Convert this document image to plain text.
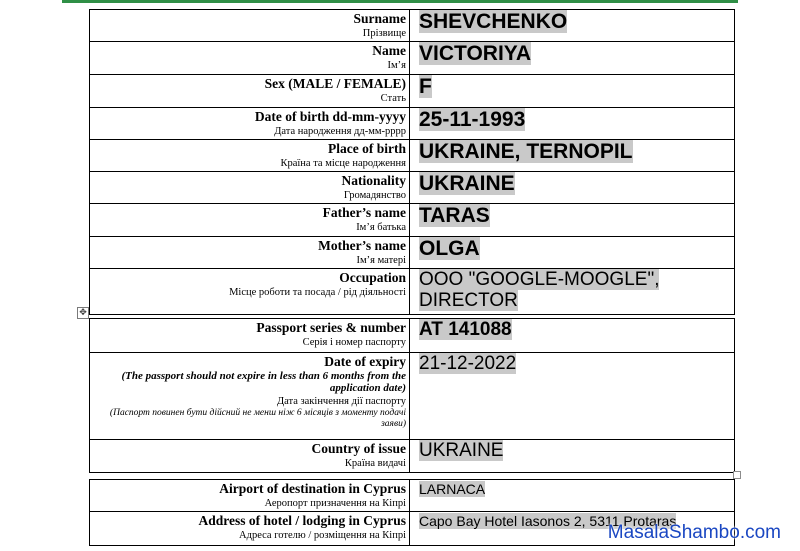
Surname
Прізвище
SHEVCHENKO
Name
Ім’я
VICTORIYA
Sex (MALE / FEMALE)
Стать
F
Date of birth dd-mm-yyyy
Дата народження дд-мм-рррр
25-11-1993
Place of birth
Країна та місце народження
UKRAINE, TERNOPIL
Nationality
Громадянство
UKRAINE
Father’s name
Ім’я батька
TARAS
Mother’s name
Ім’я матері
OLGA
Occupation
Місце роботи та посада / рід діяльності
OOO "GOOGLE-MOOGLE", DIRECTOR
✥
Passport series & number
Серія і номер паспорту
AT 141088
Date of expiry
(The passport should not expire in less than 6 months from the application date)
Дата закінчення дії паспорту
(Паспорт повинен бути дійсний не менш ніж 6 місяців з моменту подачі заяви)
21-12-2022
Country of issue
Країна видачі
UKRAINE
Airport of destination in Cyprus
Аеропорт призначення на Кіпрі
LARNACA
Address of hotel / lodging in Cyprus
Адреса готелю / розміщення на Кіпрі
Capo Bay Hotel Iasonos 2, 5311 Protaras
MasalaShambo.com
